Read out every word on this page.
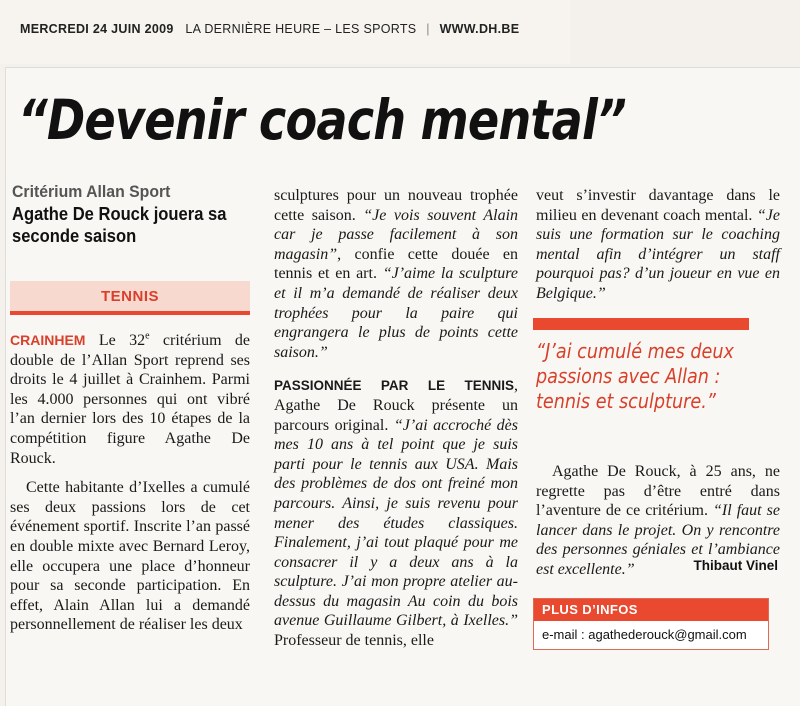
MERCREDI 24 JUIN 2009 LA DERNIÈRE HEURE – LES SPORTS | WWW.DH.BE
“Devenir coach mental”
Critérium Allan Sport
Agathe De Rouck jouera sa seconde saison
TENNIS

CRAINHEM Le 32e critérium de double de l’Allan Sport reprend ses droits le 4 juillet à Crainhem. Parmi les 4.000 personnes qui ont vibré l’an dernier lors des 10 étapes de la compétition figure Agathe De Rouck.

Cette habitante d’Ixelles a cumulé ses deux passions lors de cet événement sportif. Inscrite l’an passé en double mixte avec Bernard Leroy, elle occupera une place d’honneur pour sa seconde participation. En effet, Alain Allan lui a demandé personnellement de réaliser les deux

sculptures pour un nouveau trophée cette saison. “Je vois souvent Alain car je passe facilement à son magasin”, confie cette douée en tennis et en art. “J’aime la sculpture et il m’a demandé de réaliser deux trophées pour la paire qui engrangera le plus de points cette saison.”

PASSIONNÉE PAR LE TENNIS, Agathe De Rouck présente un parcours original. “J’ai accroché dès mes 10 ans à tel point que je suis parti pour le tennis aux USA. Mais des problèmes de dos ont freiné mon parcours. Ainsi, je suis revenu pour mener des études classiques. Finalement, j’ai tout plaqué pour me consacrer il y a deux ans à la sculpture. J’ai mon propre atelier au-dessus du magasin Au coin du bois avenue Guillaume Gilbert, à Ixelles.” Professeur de tennis, elle

veut s’investir davantage dans le milieu en devenant coach mental. “Je suis une formation sur le coaching mental afin d’intégrer un staff pourquoi pas? d’un joueur en vue en Belgique.”

“J’ai cumulé mes deux passions avec Allan : tennis et sculpture.”

Agathe De Rouck, à 25 ans, ne regrette pas d’être entré dans l’aventure de ce critérium. “Il faut se lancer dans le projet. On y rencontre des personnes géniales et l’ambiance est excellente.”	Thibaut Vinel
PLUS D’INFOS
e-mail : agathederouck@gmail.com
